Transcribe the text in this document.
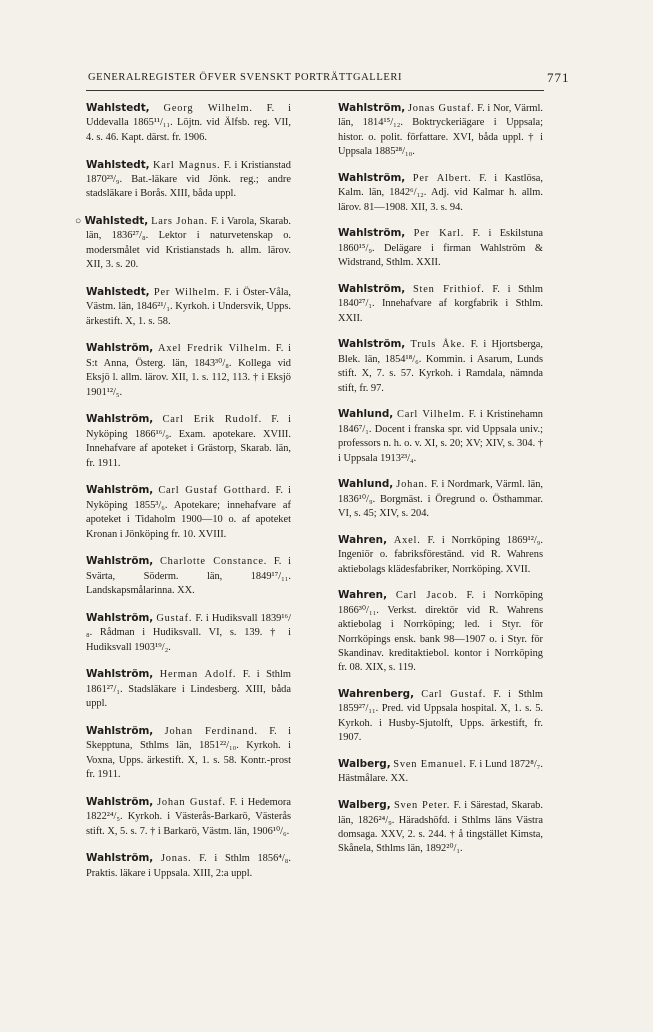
GENERALREGISTER ÖFVER SVENSKT PORTRÄTTGALLERI	771
Wahlstedt, Georg Wilhelm. F. i Uddevalla 1865¹¹/₁₁. Löjtn. vid Älfsb. reg. VII, 4. s. 46. Kapt. därst. fr. 1906.
Wahlstedt, Karl Magnus. F. i Kristianstad 1870²³/₉. Bat.-läkare vid Jönk. reg.; andre stadsläkare i Borås. XIII, båda uppl.
○ Wahlstedt, Lars Johan. F. i Varola, Skarab. län, 1836²⁷/₈. Lektor i naturvetenskap o. modersmålet vid Kristianstads h. allm. lärov. XII, 3. s. 20.
Wahlstedt, Per Wilhelm. F. i Öster-Våla, Västm. län, 1846²¹/₁. Kyrkoh. i Undersvik, Upps. ärkestift. X, 1. s. 58.
Wahlström, Axel Fredrik Vilhelm. F. i S:t Anna, Österg. län, 1843³⁰/₈. Kollega vid Eksjö l. allm. lärov. XII, 1. s. 112, 113. † i Eksjö 1901¹²/₅.
Wahlström, Carl Erik Rudolf. F. i Nyköping 1866¹⁶/₉. Exam. apotekare. XVIII. Innehafvare af apoteket i Grästorp, Skarab. län, fr. 1911.
Wahlström, Carl Gustaf Gotthard. F. i Nyköping 1855³/₆. Apotekare; innehafvare af apoteket i Tidaholm 1900—10 o. af apoteket Kronan i Jönköping fr. 10. XVIII.
Wahlström, Charlotte Constance. F. i Svärta, Söderm. län, 1849¹⁷/₁₁. Landskapsmålarinna. XX.
Wahlström, Gustaf. F. i Hudiksvall 1839¹⁶/₈. Rådman i Hudiksvall. VI, s. 139. † i Hudiksvall 1903¹⁹/₂.
Wahlström, Herman Adolf. F. i Sthlm 1861²⁷/₁. Stadsläkare i Lindesberg. XIII, båda uppl.
Wahlström, Johan Ferdinand. F. i Skepptuna, Sthlms län, 1851²²/₁₀. Kyrkoh. i Voxna, Upps. ärkestift. X, 1. s. 58. Kontr.-prost fr. 1911.
Wahlström, Johan Gustaf. F. i Hedemora 1822²⁴/₅. Kyrkoh. i Västerås-Barkarö, Västerås stift. X, 5. s. 7. † i Barkarö, Västm. län, 1906¹⁰/₆.
Wahlström, Jonas. F. i Sthlm 1856⁴/₈. Praktis. läkare i Uppsala. XIII, 2:a uppl.
Wahlström, Jonas Gustaf. F. i Nor, Värml. län, 1814¹⁵/₁₂. Boktryckeriägare i Uppsala; histor. o. polit. författare. XVI, båda uppl. † i Uppsala 1885²⁸/₁₀.
Wahlström, Per Albert. F. i Kastlösa, Kalm. län, 1842⁶/₁₂. Adj. vid Kalmar h. allm. lärov. 81—1908. XII, 3. s. 94.
Wahlström, Per Karl. F. i Eskilstuna 1860¹⁵/₉. Delägare i firman Wahlström & Widstrand, Sthlm. XXII.
Wahlström, Sten Frithiof. F. i Sthlm 1840²⁷/₁. Innehafvare af korgfabrik i Sthlm. XXII.
Wahlström, Truls Åke. F. i Hjortsberga, Blek. län, 1854¹⁸/₆. Kommin. i Asarum, Lunds stift. X, 7. s. 57. Kyrkoh. i Ramdala, nämnda stift, fr. 97.
Wahlund, Carl Vilhelm. F. i Kristinehamn 1846⁷/₁. Docent i franska spr. vid Uppsala univ.; professors n. h. o. v. XI, s. 20; XV; XIV, s. 304. † i Uppsala 1913²³/₄.
Wahlund, Johan. F. i Nordmark, Värml. län, 1836¹⁰/₉. Borgmäst. i Öregrund o. Östhammar. VI, s. 45; XIV, s. 204.
Wahren, Axel. F. i Norrköping 1869¹²/₉. Ingeniör o. fabriksföreständ. vid R. Wahrens aktiebolags klädesfabriker, Norrköping. XVII.
Wahren, Carl Jacob. F. i Norrköping 1866³⁰/₁₁. Verkst. direktör vid R. Wahrens aktiebolag i Norrköping; led. i Styr. för Norrköpings ensk. bank 98—1907 o. i Styr. för Skandinav. kreditaktiebol. kontor i Norrköping fr. 08. XIX, s. 119.
Wahrenberg, Carl Gustaf. F. i Sthlm 1859²⁷/₁₁. Pred. vid Uppsala hospital. X, 1. s. 5. Kyrkoh. i Husby-Sjutolft, Upps. ärkestift, fr. 1907.
Walberg, Sven Emanuel. F. i Lund 1872⁸/₇. Hästmålare. XX.
Walberg, Sven Peter. F. i Särestad, Skarab. län, 1826²⁴/₉. Häradshöfd. i Sthlms läns Västra domsaga. XXV, 2. s. 244. † å tingstället Kimsta, Skånela, Sthlms län, 1892²⁰/₁.
